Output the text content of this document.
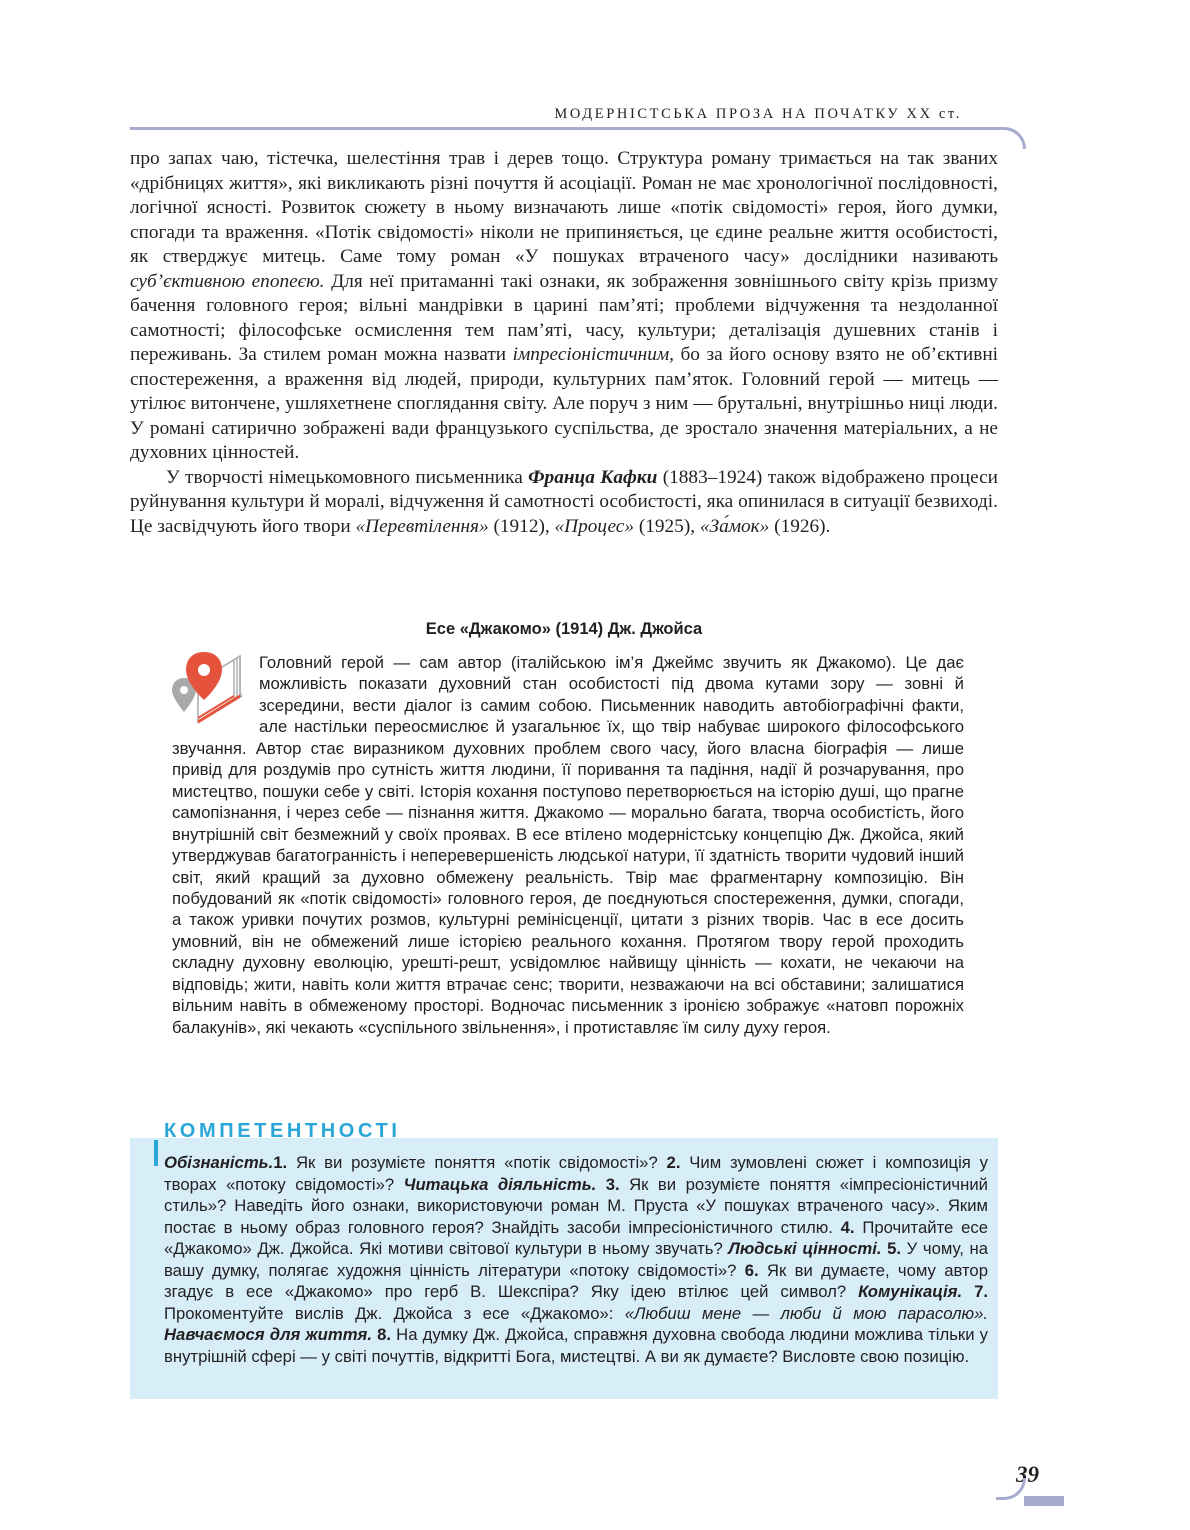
МОДЕРНІСТСЬКА ПРОЗА НА ПОЧАТКУ XX ст.

про запах чаю, тістечка, шелестіння трав і дерев тощо. Структура роману тримається на так званих «дрібницях життя», які викликають різні почуття й асоціації. Роман не має хронологічної послідовності, логічної ясності. Розвиток сюжету в ньому визначають лише «потік свідомості» героя, його думки, спогади та враження. «Потік свідомості» ніколи не припиняється, це єдине реальне життя особистості, як стверджує митець. Саме тому роман «У пошуках втраченого часу» дослідники називають суб’єктивною епопеєю. Для неї притаманні такі ознаки, як зображення зовнішнього світу крізь призму бачення головного героя; вільні мандрівки в царині пам’яті; проблеми відчуження та нездоланної самотності; філософське осмислення тем пам’яті, часу, культури; деталізація душевних станів і переживань. За стилем роман можна назвати імпресіоністичним, бо за його основу взято не об’єктивні спостереження, а враження від людей, природи, культурних пам’яток. Головний герой — митець — утілює витончене, ушляхетнене споглядання світу. Але поруч з ним — брутальні, внутрішньо ниці люди. У романі сатирично зображені вади французького суспільства, де зростало значення матеріальних, а не духовних цінностей.

У творчості німецькомовного письменника Франца Кафки (1883–1924) також відображено процеси руйнування культури й моралі, відчуження й самотності особистості, яка опинилася в ситуації безвиході. Це засвідчують його твори «Перевтілення» (1912), «Процес» (1925), «За́мок» (1926).

Есе «Джакомо» (1914) Дж. Джойса

Головний герой — сам автор (італійською ім’я Джеймс звучить як Джакомо). Це дає можливість показати духовний стан особистості під двома кутами зору — зовні й зсередини, вести діалог із самим собою. Письменник наводить автобіографічні факти, але настільки переосмислює й узагальнює їх, що твір набуває широкого філософського звучання. Автор стає виразником духовних проблем свого часу, його власна біографія — лише привід для роздумів про сутність життя людини, її поривання та падіння, надії й розчарування, про мистецтво, пошуки себе у світі. Історія кохання поступово перетворюється на історію душі, що прагне самопізнання, і через себе — пізнання життя. Джакомо — морально багата, творча особистість, його внутрішній світ безмежний у своїх проявах. В есе втілено модерністську концепцію Дж. Джойса, який утверджував багатогранність і неперевершеність людської натури, її здатність творити чудовий інший світ, який кращий за духовно обмежену реальність. Твір має фрагментарну композицію. Він побудований як «потік свідомості» головного героя, де поєднуються спостереження, думки, спогади, а також уривки почутих розмов, культурні ремінісценції, цитати з різних творів. Час в есе досить умовний, він не обмежений лише історією реального кохання. Протягом твору герой проходить складну духовну еволюцію, урешті-решт, усвідомлює найвищу цінність — кохати, не чекаючи на відповідь; жити, навіть коли життя втрачає сенс; творити, незважаючи на всі обставини; залишатися вільним навіть в обмеженому просторі. Водночас письменник з іронією зображує «натовп порожніх балакунів», які чекають «суспільного звільнення», і протиставляє їм силу духу героя.

КОМПЕТЕНТНОСТІ

Обізнаність.1. Як ви розумієте поняття «потік свідомості»? 2. Чим зумовлені сюжет і композиція у творах «потоку свідомості»? Читацька діяльність. 3. Як ви розумієте поняття «імпресіоністичний стиль»? Наведіть його ознаки, використовуючи роман М. Пруста «У пошуках втраченого часу». Яким постає в ньому образ головного героя? Знайдіть засоби імпресіоністичного стилю. 4. Прочитайте есе «Джакомо» Дж. Джойса. Які мотиви світової культури в ньому звучать? Людські цінності. 5. У чому, на вашу думку, полягає художня цінність літератури «потоку свідомості»? 6. Як ви думаєте, чому автор згадує в есе «Джакомо» про герб В. Шекспіра? Яку ідею втілює цей символ? Комунікація. 7. Прокоментуйте вислів Дж. Джойса з есе «Джакомо»: «Любиш мене — люби й мою парасолю». Навчаємося для життя. 8. На думку Дж. Джойса, справжня духовна свобода людини можлива тільки у внутрішній сфері — у світі почуттів, відкритті Бога, мистецтві. А ви як думаєте? Висловте свою позицію.

39
